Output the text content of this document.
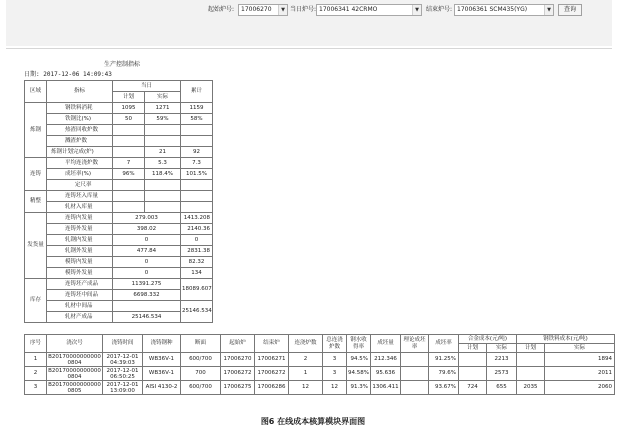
起始炉号:	17006270	▼ 当日炉号: 17006341 42CRMO	▼	结束炉号: 17006361 SCM435(YG)	▼	查询
生产控制指标
日期: 2017-12-06 14:09:43
区域	指标	当日		累计
		计划	实际	
炼钢	钢铁料消耗	1095	1271	1159
	铁钢比(%)	50	59%	58%
	热渣回收炉数			
	溅渣炉数			
	炼钢计划完成(炉)		21	92
连铸	平均连浇炉数	7	5.3	7.3
	成坯率(%)	96%	118.4%	101.5%
	定尺率			
精整	连铸坯入库量			
	轧材入库量			
发货量	连铸内发量	279.003		1413.208
	连铸外发量	398.02		2140.36
	轧钢内发量	0		0
	轧钢外发量	477.84		2831.38
	模铸内发量	0		82.32
	模铸外发量	0		134
库存	连铸坯产成品	11391.275		18089.607
	连铸坯中间品	6698.332		
	轧材中间品			25146.534
	轧材产成品	25146.534		
序号	浇次号	浇铸时间	浇铸钢种	断面	起始炉	结束炉	连浇炉数	总连浇炉数	钢水收得率	成坯量	理论成坯率	成坯率	合金成本(元/吨)		钢铁料成本(元/吨)	
													计划	实际	计划	实际
1	B20170000000000
0804	2017-12-01
04:39:03	WB36V-1	600/700	17006270	17006271	2	3	94.5%	212.346		91.25%		2213		1894
2	B20170000000000
0804	2017-12-01
06:50:25	WB36V-1	700	17006272	17006272	1	3	94.58%	95.636		79.6%		2573		2011
3	B20170000000000
0805	2017-12-01
13:09:00	AISI 4130-2	600/700	17006275	17006286	12	12	91.3%	1306.411		93.67%	724	655	2035	2060
图6 在线成本核算模块界面图
